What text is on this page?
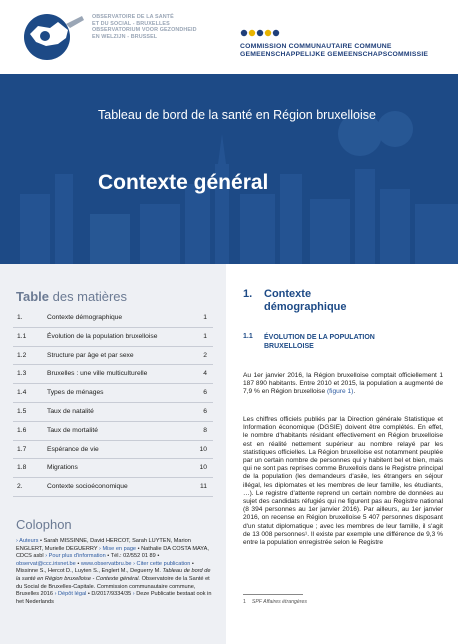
OBSERVATOIRE DE LA SANTÉ
ET DU SOCIAL - BRUXELLES
OBSERVATORIUM VOOR GEZONDHEID
EN WELZIJN - BRUSSEL
COMMISSION COMMUNAUTAIRE COMMUNE
GEMEENSCHAPPELIJKE GEMEENSCHAPSCOMMISSIE
Tableau de bord de la santé en Région bruxelloise
Contexte général
Table des matières
1.	Contexte démographique	1
1.1	Évolution de la population bruxelloise	1
1.2	Structure par âge et par sexe	2
1.3	Bruxelles : une ville multiculturelle	4
1.4	Types de ménages	6
1.5	Taux de natalité	6
1.6	Taux de mortalité	8
1.7	Espérance de vie	10
1.8	Migrations	10
2.	Contexte socioéconomique	11
Colophon
› Auteurs • Sarah MISSINNE, David HERCOT, Sarah LUYTEN, Marion ENGLERT, Murielle DEGUERRY › Mise en page • Nathalie DA COSTA MAYA, CDCS asbl › Pour plus d'information • Tél.: 02/552 01 89 • observat@ccc.irisnet.be • www.observatbru.be › Citer cette publication • Missinne S., Hercot D., Luyten S., Englert M., Deguerry M. Tableau de bord de la santé en Région bruxelloise - Contexte général. Observatoire de la Santé et du Social de Bruxelles-Capitale. Commission communautaire commune, Bruxelles 2016 › Dépôt légal • D/2017/9334/35 › Deze Publicatie bestaat ook in het Nederlands
1. Contexte
démographique
1.1 ÉVOLUTION DE LA POPULATION
BRUXELLOISE
Au 1er janvier 2016, la Région bruxelloise comptait officiellement 1 187 890 habitants. Entre 2010 et 2015, la population a augmenté de 7,9 % en Région bruxelloise (figure 1).
Les chiffres officiels publiés par la Direction générale Statistique et Information économique (DGSIE) doivent être complétés. En effet, le nombre d'habitants résidant effectivement en Région bruxelloise est en réalité nettement supérieur au nombre relayé par les statistiques officielles. La Région bruxelloise est notamment peuplée par un certain nombre de personnes qui y habitent bel et bien, mais qui ne sont pas reprises comme Bruxellois dans le Registre principal de la population (les demandeurs d'asile, les étrangers en séjour illégal, les diplomates et les membres de leur famille, les étudiants, …). Le registre d'attente reprend un certain nombre de données au sujet des candidats réfugiés qui ne figurent pas au Registre national (8 394 personnes au 1er janvier 2016). Par ailleurs, au 1er janvier 2016, on recense en Région bruxelloise 5 407 personnes disposant d'un statut diplomatique ; avec les membres de leur famille, il s'agit de 13 008 personnes¹. Il existe par exemple une différence de 9,3 % entre la population enregistrée selon le Registre
1 SPF Affaires étrangères
